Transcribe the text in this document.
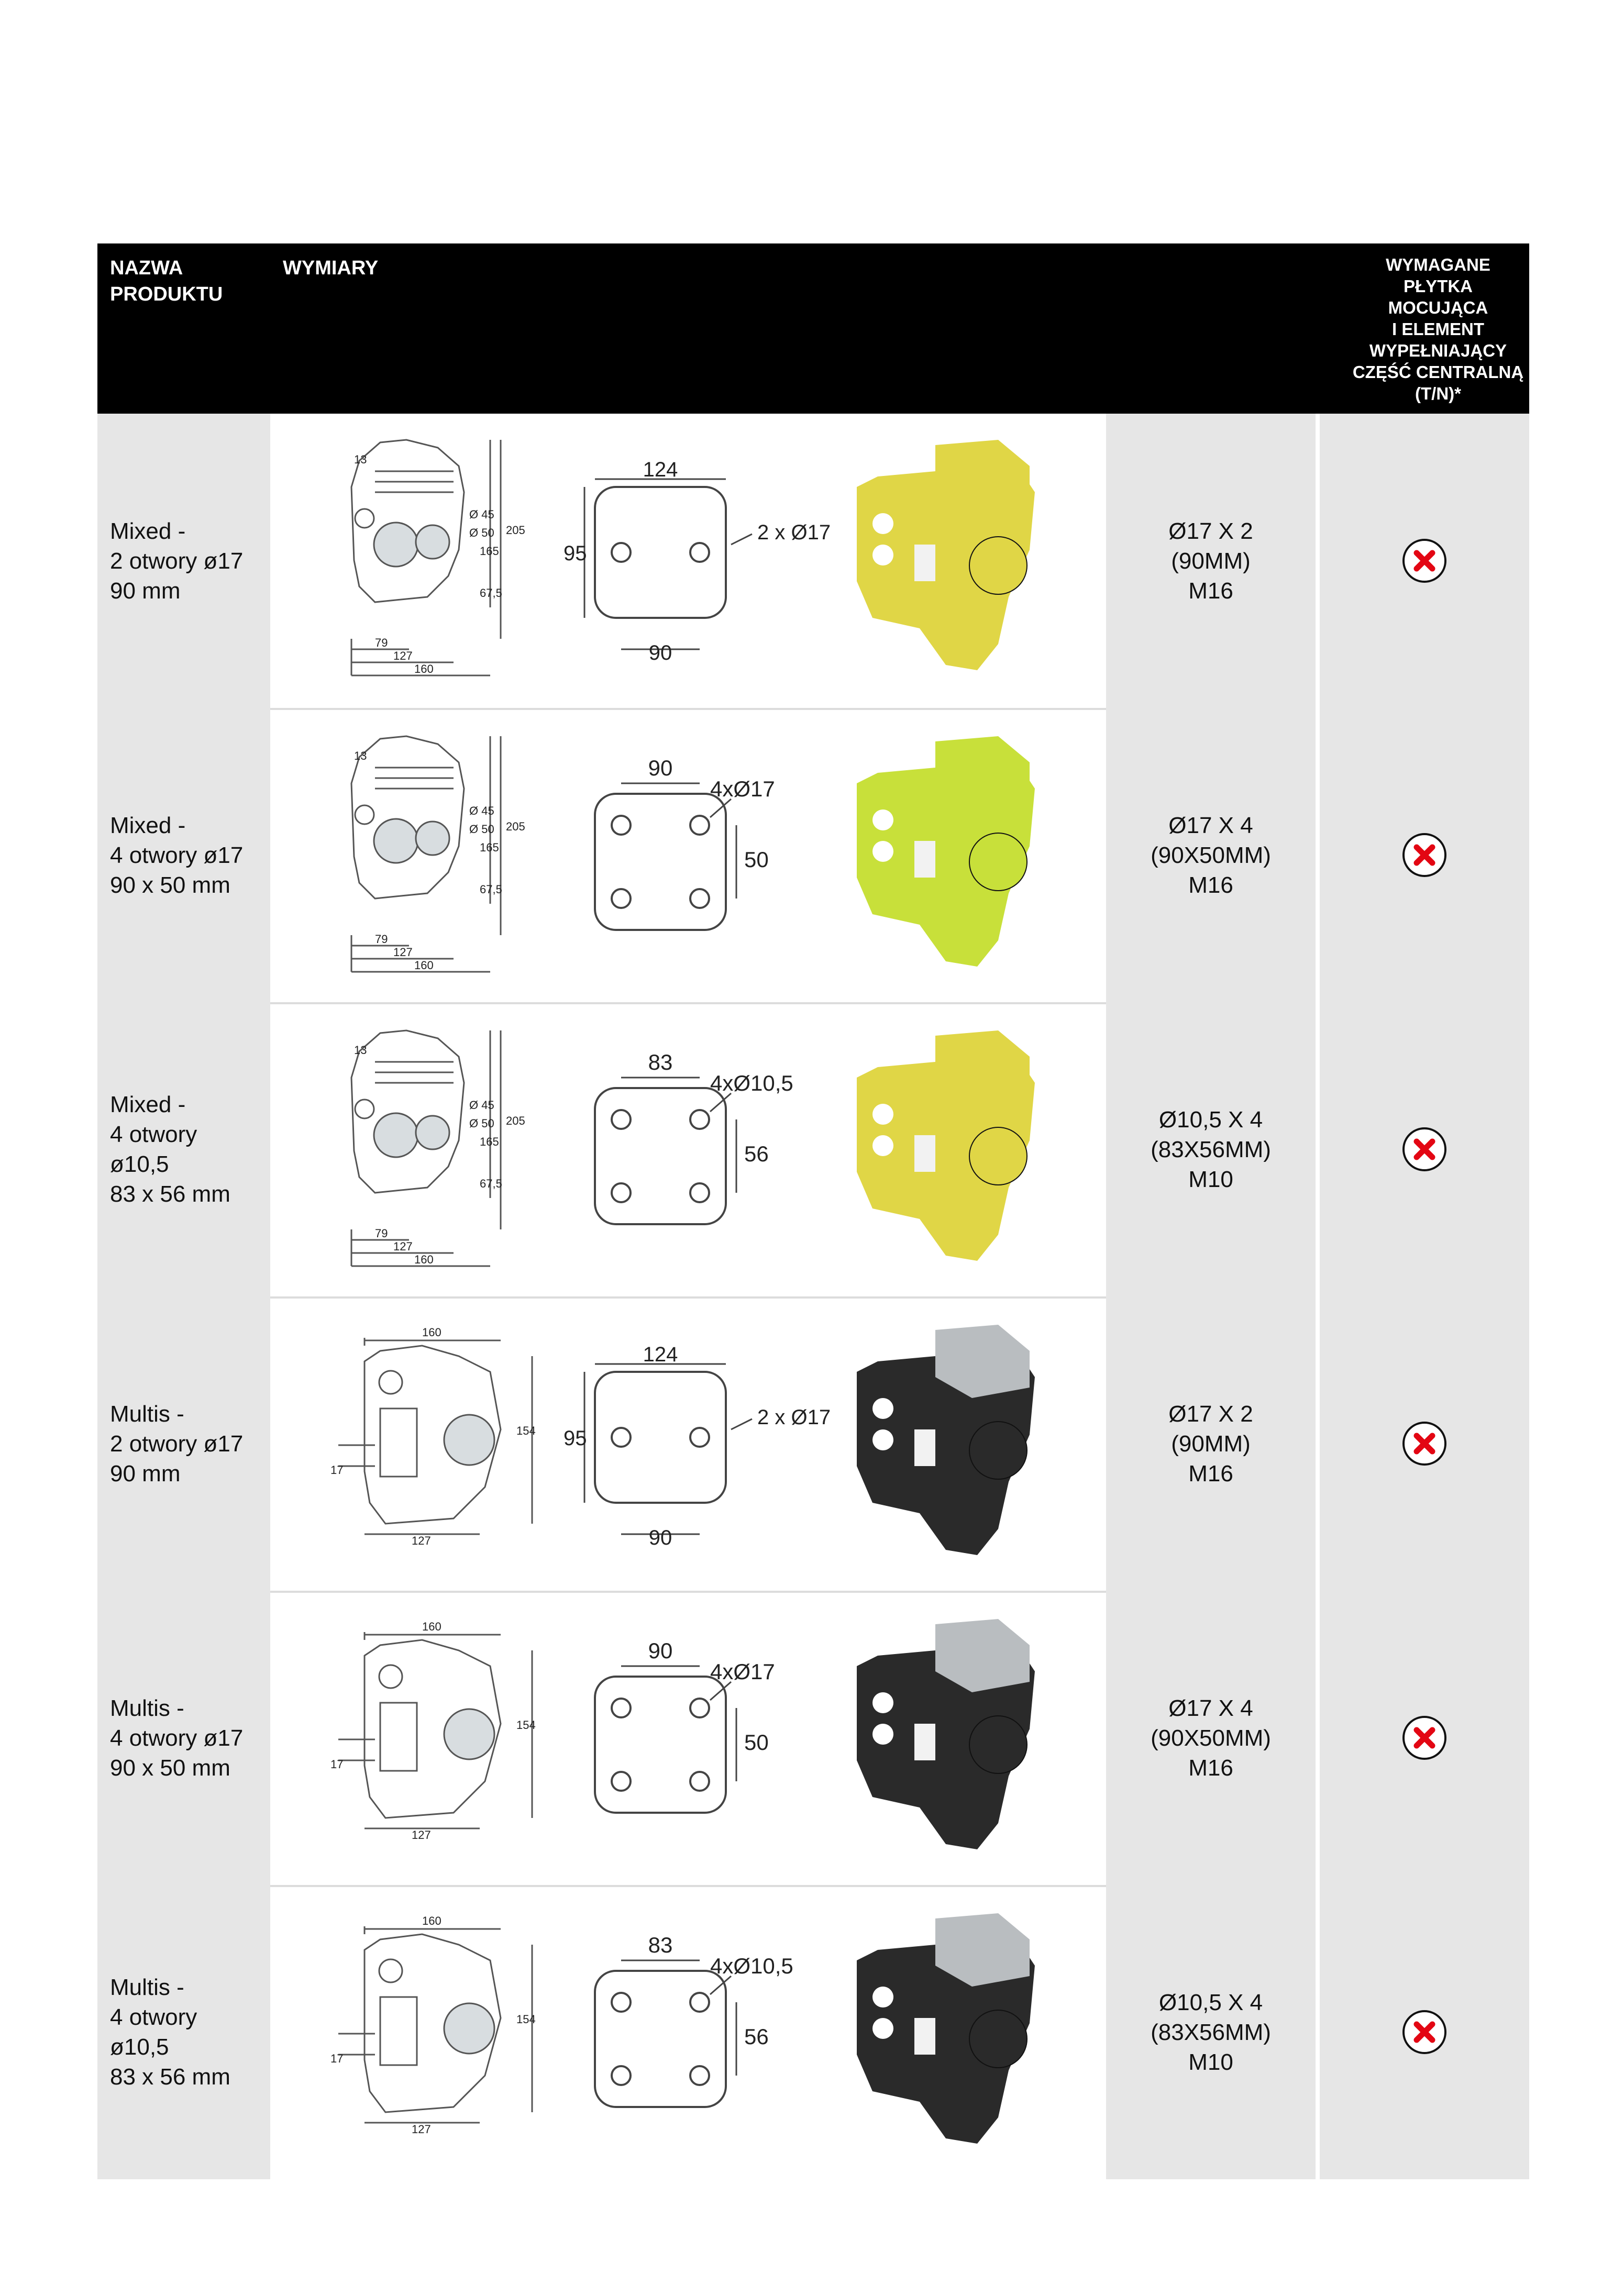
NAZWA
PRODUKTU
WYMIARY	WYMAGANE
PŁYTKA
MOCUJĄCA
I ELEMENT
WYPEŁNIAJĄCY
CZĘŚĆ CENTRALNĄ
(T/N)*
Mixed -
2 otwory ø17
90 mm
13
Ø 45
Ø 50 205
165
67,5
79
127
160
124
2 x Ø17
95
90
Ø17 X 2
(90MM)
M16
Mixed -
4 otwory ø17
90 x 50 mm
13
Ø 45
Ø 50 205
165
67,5
79
127
160
90
4xØ17
50
Ø17 X 4
(90X50MM)
M16
Mixed -
4 otwory
ø10,5
83 x 56 mm
13
Ø 45
Ø 50 205
165
67,5
79
127
160
83
4xØ10,5
56
Ø10,5 X 4
(83X56MM)
M10
Multis -
2 otwory ø17
90 mm
160
154
17
127
124
2 x Ø17
95
90
Ø17 X 2
(90MM)
M16
Multis -
4 otwory ø17
90 x 50 mm
160
154
17
127
90
4xØ17
50
Ø17 X 4
(90X50MM)
M16
Multis -
4 otwory
ø10,5
83 x 56 mm
160
154
17
127
83
4xØ10,5
56
Ø10,5 X 4
(83X56MM)
M10
